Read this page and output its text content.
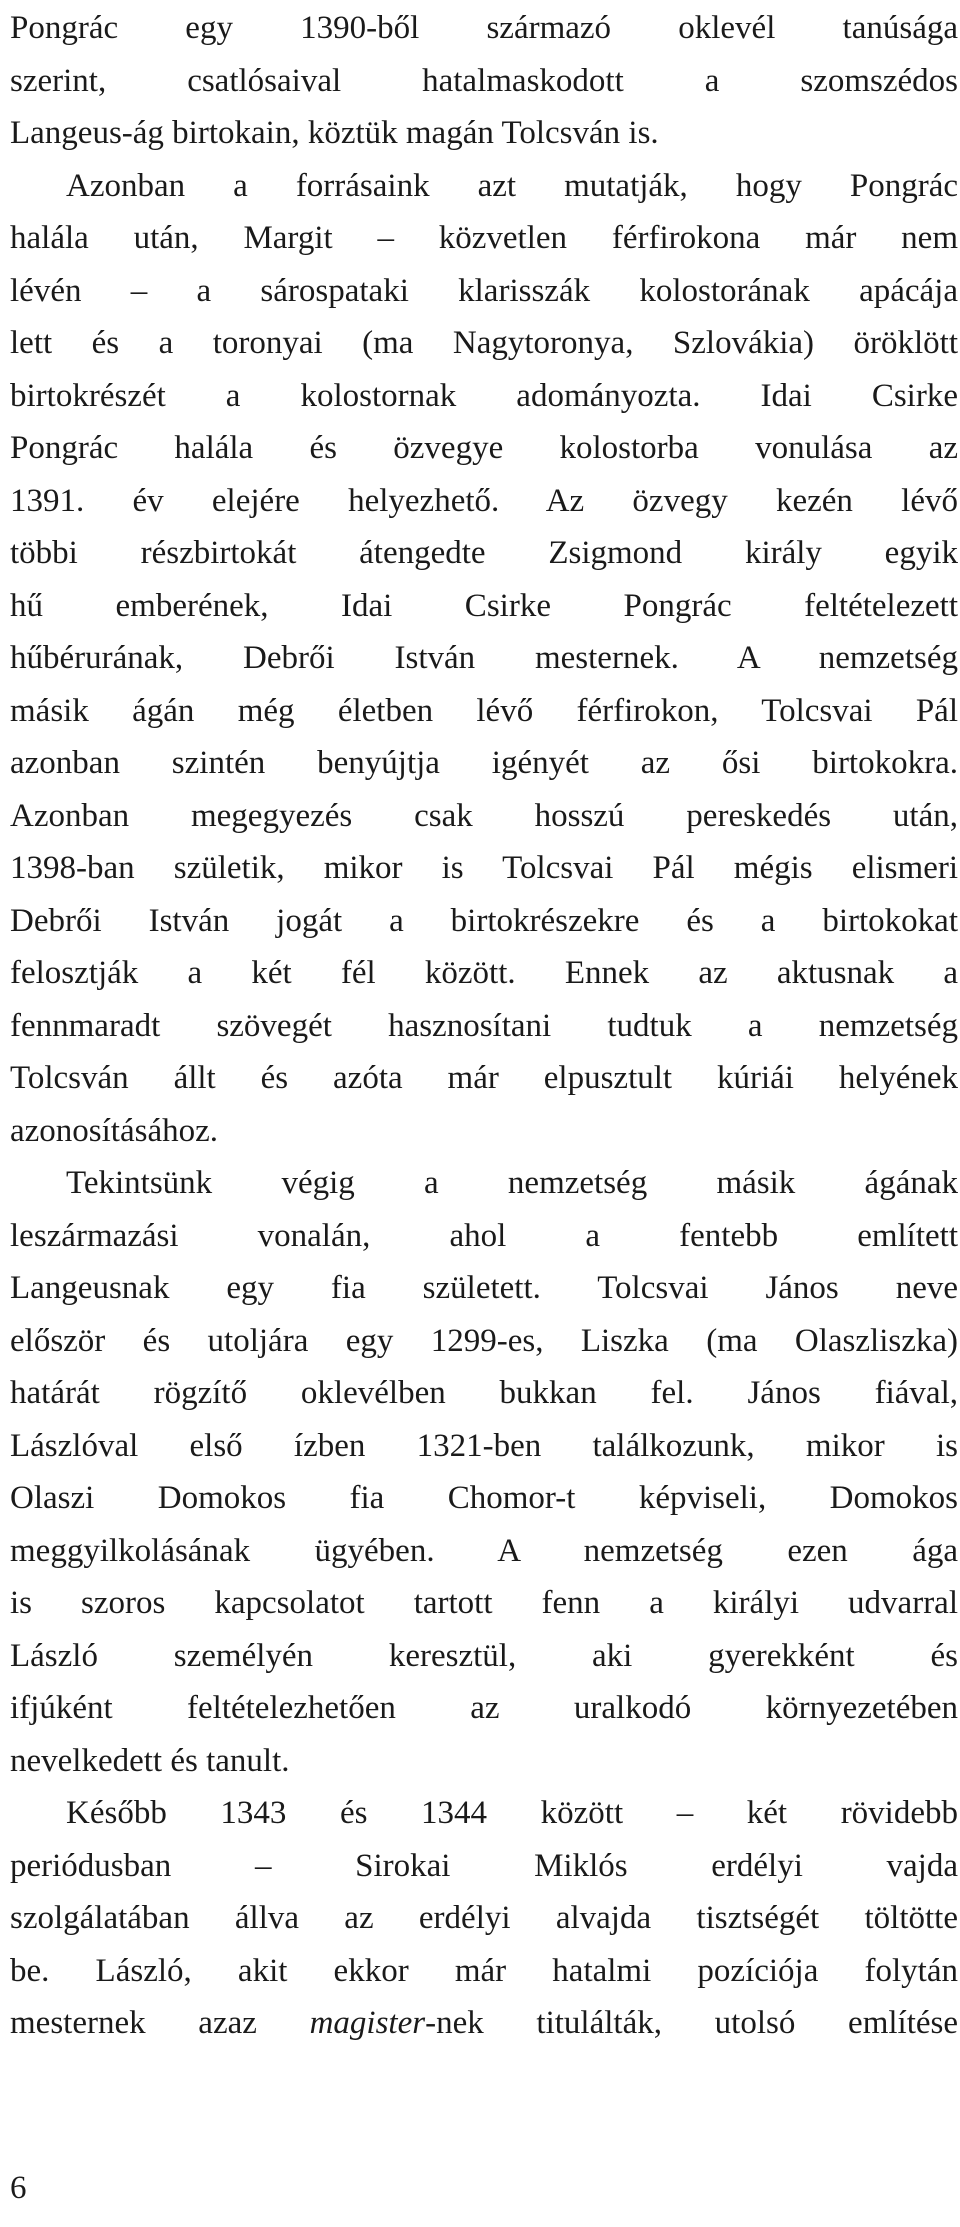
Pongrác egy 1390-ből származó oklevél tanúsága
szerint, csatlósaival hatalmaskodott a szomszédos
Langeus-ág birtokain, köztük magán Tolcsván is.
Azonban a forrásaink azt mutatják, hogy Pongrác
halála után, Margit – közvetlen férfirokona már nem
lévén – a sárospataki klarisszák kolostorának apácája
lett és a toronyai (ma Nagytoronya, Szlovákia) öröklött
birtokrészét a kolostornak adományozta. Idai Csirke
Pongrác halála és özvegye kolostorba vonulása az
1391. év elejére helyezhető. Az özvegy kezén lévő
többi részbirtokát átengedte Zsigmond király egyik
hű emberének, Idai Csirke Pongrác feltételezett
hűbérurának, Debrői István mesternek. A nemzetség
másik ágán még életben lévő férfirokon, Tolcsvai Pál
azonban szintén benyújtja igényét az ősi birtokokra.
Azonban megegyezés csak hosszú pereskedés után,
1398-ban születik, mikor is Tolcsvai Pál mégis elismeri
Debrői István jogát a birtokrészekre és a birtokokat
felosztják a két fél között. Ennek az aktusnak a
fennmaradt szövegét hasznosítani tudtuk a nemzetség
Tolcsván állt és azóta már elpusztult kúriái helyének
azonosításához.
Tekintsünk végig a nemzetség másik ágának
leszármazási vonalán, ahol a fentebb említett
Langeusnak egy fia született. Tolcsvai János neve
először és utoljára egy 1299-es, Liszka (ma Olaszliszka)
határát rögzítő oklevélben bukkan fel. János fiával,
Lászlóval első ízben 1321-ben találkozunk, mikor is
Olaszi Domokos fia Chomor-t képviseli, Domokos
meggyilkolásának ügyében. A nemzetség ezen ága
is szoros kapcsolatot tartott fenn a királyi udvarral
László személyén keresztül, aki gyerekként és
ifjúként feltételezhetően az uralkodó környezetében
nevelkedett és tanult.
Később 1343 és 1344 között – két rövidebb
periódusban – Sirokai Miklós erdélyi vajda
szolgálatában állva az erdélyi alvajda tisztségét töltötte
be. László, akit ekkor már hatalmi pozíciója folytán
mesternek azaz magister-nek titulálták, utolsó említése
6
